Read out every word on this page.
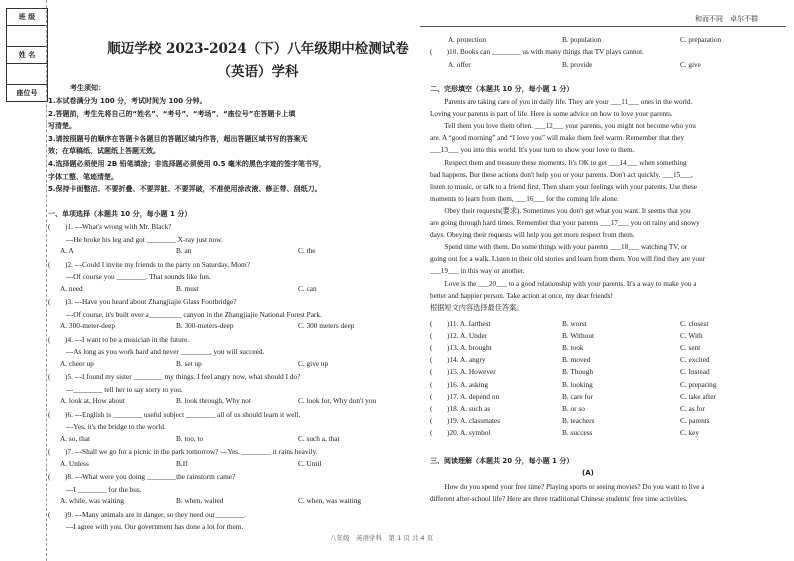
班 级
姓 名
座位号
顺迈学校 2023-2024（下）八年级期中检测试卷
（英语）学科
考生须知：
1.本试卷满分为 100 分，考试时间为 100 分钟。
2.答题前，考生先将自己的“姓名”、“考号”、“考场”、“座位号”在答题卡上填
写清楚。
3.请按照题号的顺序在答题卡各题目的答题区域内作答，超出答题区域书写的答案无
效；在草稿纸、试题纸上答题无效。
4.选择题必须使用 2B 铅笔填涂；非选择题必须使用 0.5 毫米的黑色字迹的签字笔书写，
字体工整、笔迹清楚。
5.保持卡面整洁、不要折叠、不要弄脏、不要弄破，不准使用涂改液、修正带、刮纸刀。
一、单项选择（本题共 10 分，每小题 1 分）
(　　)1. ---What's wrong with Mr. Black?
---He broke his leg and got ________ X-ray just now.
A. A	B. an	C. the
(　　)2. ---Could I invite my friends to the party on Saturday, Mom?
---Of course you ________. That sounds like fun.
A. need	B. must	C. can
(　　)3. ---Have you heard about Zhangjiajie Glass Footbridge?
---Of course, it's built over a_________ canyon in the Zhangjiajie National Forest Park.
A. 300-meter-deep	B. 300-meters-deep	C. 300 meters deep
(　　)4. ---I want to be a musician in the future.
---As long as you work hard and never ________, you will succeed.
A. cheer up	B. set up	C. give up
(　　)5. ---I found my sister ________ my things. I feel angry now, what should I do?
---________ tell her to say sorry to you.
A. look at, How about	B. look through, Why not	C. look for, Why don't you
(　　)6. ---English is ________ useful subject ________ all of us should learn it well.
---Yes, it's the bridge to the world.
A. so, that	B. too, to	C. such a, that
(　　)7. ---Shall we go for a picnic in the park tomorrow? ---Yes. ________ it rains heavily.
A. Unless	B.If	C. Until
(　　)8. ---What were you doing ________the rainstorm came?
---I ________ for the bus.
A. while, was waiting	B. when, waited	C. when, was waiting
(　　)9. ---Many animals are in danger, so they need our________.
---I agree with you. Our government has done a lot for them.
和而不同　卓尔不群
A. protection	B. population	C. preparation
(　　)10. Books can ________ us with many things that TV plays cannot.
A. offer	B. provide	C. give
二、完形填空（本题共 10 分，每小题 1 分）
　　Parents are taking care of you in daily life. They are your ___11___ ones in the world.
Loving your parents is part of life. Here is some advice on how to love your parents.
　　Tell them you love them often. ___12___ your parents, you might not become who you
are. A “good morning” and “I love you” will make them feel warm. Remember that they
___13___ you into this world. It's your turn to show your love to them.
　　Respect them and treasure these moments. It's OK to get ___14___ when something
bad happens. But these actions don't help you or your parents. Don't act quickly. ___15___,
listen to music, or talk to a friend first. Then share your feelings with your parents. Use these
moments to learn from them, ___16___ for the coming life alone.
　　Obey their requests(要求). Sometimes you don't get what you want. It seems that you
are going through hard times. Remember that your parents ___17___ you on rainy and snowy
days. Obeying their requests will help you get more respect from them.
　　Spend time with them. Do some things with your parents ___18___ watching TV, or
going out for a walk. Listen to their old stories and learn from them. You will find they are your
___19___ in this way or another.
　　Love is the ___20___ to a good relationship with your parents. It's a way to make you a
better and happier person. Take action at once, my dear friends!
根据短文内容选择最佳答案。
(　　)11. A. farthest	B. worst	C. closest
(　　)12. A. Under	B. Without	C. With
(　　)13. A. brought	B. took	C. sent
(　　)14. A. angry	B. moved	C. excited
(　　)15. A. However	B. Though	C. Instead
(　　)16. A. asking	B. looking	C. preparing
(　　)17. A. depend on	B. care for	C. take after
(　　)18. A. such as	B. or so	C. as for
(　　)19. A. classmates	B. teachers	C. parents
(　　)20. A. symbol	B. success	C. key
三、阅读理解（本题共 20 分，每小题 1 分）
(A)
　　How do you spend your free time? Playing sports or seeing movies? Do you want to live a
different after-school life? Here are three traditional Chinese students' free time activities.
八年级　英语学科　第 1 页 共 4 页
